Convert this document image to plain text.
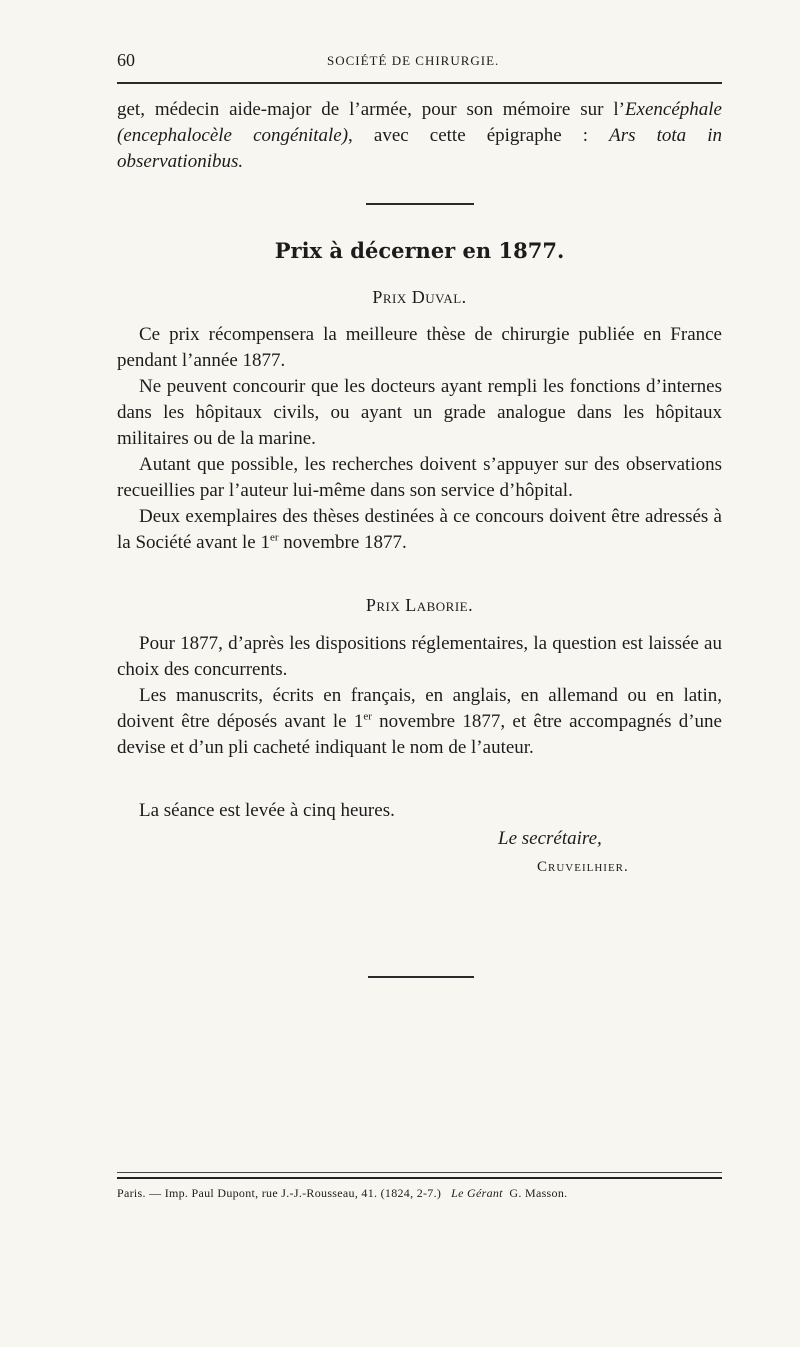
60	SOCIÉTÉ DE CHIRURGIE.

get, médecin aide-major de l’armée, pour son mémoire sur l’Exencéphale (encephalocèle congénitale), avec cette épigraphe : Ars tota in observationibus.

Prix à décerner en 1877.
Prix Duval.

Ce prix récompensera la meilleure thèse de chirurgie publiée en France pendant l’année 1877.

Ne peuvent concourir que les docteurs ayant rempli les fonctions d’internes dans les hôpitaux civils, ou ayant un grade analogue dans les hôpitaux militaires ou de la marine.

Autant que possible, les recherches doivent s’appuyer sur des observations recueillies par l’auteur lui-même dans son service d’hôpital.

Deux exemplaires des thèses destinées à ce concours doivent être adressés à la Société avant le 1er novembre 1877.

Prix Laborie.

Pour 1877, d’après les dispositions réglementaires, la question est laissée au choix des concurrents.

Les manuscrits, écrits en français, en anglais, en allemand ou en latin, doivent être déposés avant le 1er novembre 1877, et être accompagnés d’une devise et d’un pli cacheté indiquant le nom de l’auteur.

La séance est levée à cinq heures.

Le secrétaire,
Cruveilhier.
Paris. — Imp. Paul Dupont, rue J.-J.-Rousseau, 41. (1824, 2-7.) Le Gérant G. Masson.
